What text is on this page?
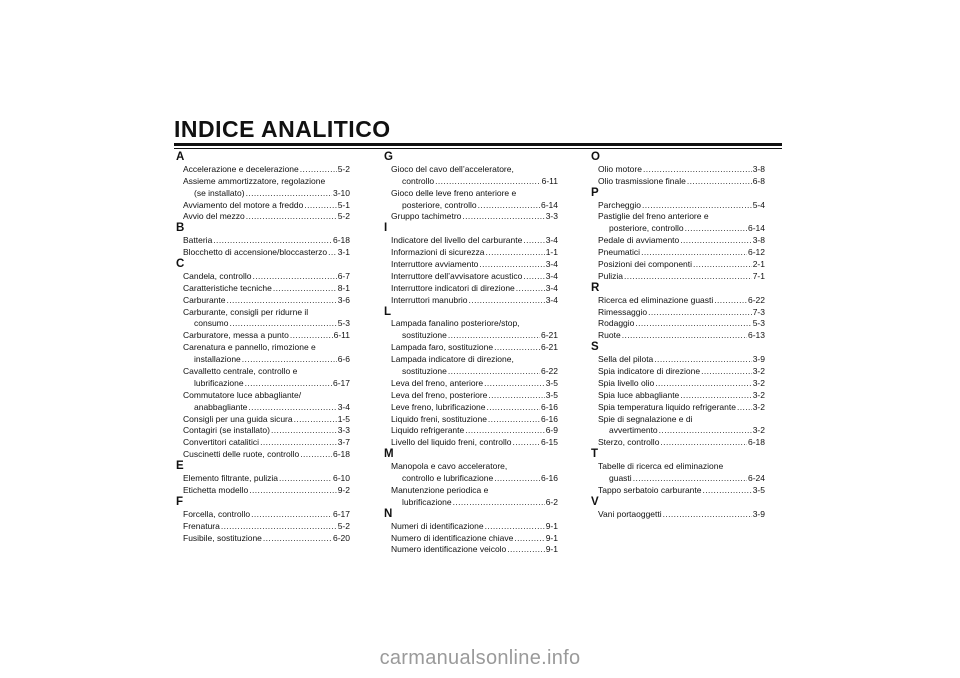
INDICE ANALITICO
A
Accelerazione e decelerazione .....	5-2
Assieme ammortizzatore, regolazione
(se installato) .....	3-10
Avviamento del motore a freddo .....	5-1
Avvio del mezzo .....	5-2
B
Batteria .....	6-18
Blocchetto di accensione/bloccasterzo ..... 3-1
C
Candela, controllo .....	6-7
Caratteristiche tecniche .....	8-1
Carburante .....	3-6
Carburante, consigli per ridurne il
consumo .....	5-3
Carburatore, messa a punto .....	6-11
Carenatura e pannello, rimozione e
installazione .....	6-6
Cavalletto centrale, controllo e
lubrificazione .....	6-17
Commutatore luce abbagliante/
anabbagliante .....	3-4
Consigli per una guida sicura .....	1-5
Contagiri (se installato) .....	3-3
Convertitori catalitici .....	3-7
Cuscinetti delle ruote, controllo .....	6-18
E
Elemento filtrante, pulizia .....	6-10
Etichetta modello .....	9-2
F
Forcella, controllo .....	6-17
Frenatura .....	5-2
Fusibile, sostituzione .....	6-20
G
Gioco del cavo dell’acceleratore,
controllo .....	6-11
Gioco delle leve freno anteriore e
posteriore, controllo .....	6-14
Gruppo tachimetro .....	3-3
I
Indicatore del livello del carburante .....	3-4
Informazioni di sicurezza .....	1-1
Interruttore avviamento .....	3-4
Interruttore dell’avvisatore acustico .....	3-4
Interruttore indicatori di direzione .....	3-4
Interruttori manubrio .....	3-4
L
Lampada fanalino posteriore/stop,
sostituzione .....	6-21
Lampada faro, sostituzione .....	6-21
Lampada indicatore di direzione,
sostituzione .....	6-22
Leva del freno, anteriore .....	3-5
Leva del freno, posteriore .....	3-5
Leve freno, lubrificazione .....	6-16
Liquido freni, sostituzione .....	6-16
Liquido refrigerante .....	6-9
Livello del liquido freni, controllo .....	6-15
M
Manopola e cavo acceleratore,
controllo e lubrificazione .....	6-16
Manutenzione periodica e
lubrificazione .....	6-2
N
Numeri di identificazione .....	9-1
Numero di identificazione chiave .....	9-1
Numero identificazione veicolo .....	9-1
O
Olio motore .....	3-8
Olio trasmissione finale .....	6-8
P
Parcheggio .....	5-4
Pastiglie del freno anteriore e
posteriore, controllo .....	6-14
Pedale di avviamento .....	3-8
Pneumatici .....	6-12
Posizioni dei componenti .....	2-1
Pulizia .....	7-1
R
Ricerca ed eliminazione guasti .....	6-22
Rimessaggio .....	7-3
Rodaggio .....	5-3
Ruote .....	6-13
S
Sella del pilota .....	3-9
Spia indicatore di direzione .....	3-2
Spia livello olio .....	3-2
Spia luce abbagliante .....	3-2
Spia temperatura liquido refrigerante ..... 3-2
Spie di segnalazione e di
avvertimento .....	3-2
Sterzo, controllo .....	6-18
T
Tabelle di ricerca ed eliminazione
guasti .....	6-24
Tappo serbatoio carburante .....	3-5
V
Vani portaoggetti .....	3-9
carmanualsonline.info
